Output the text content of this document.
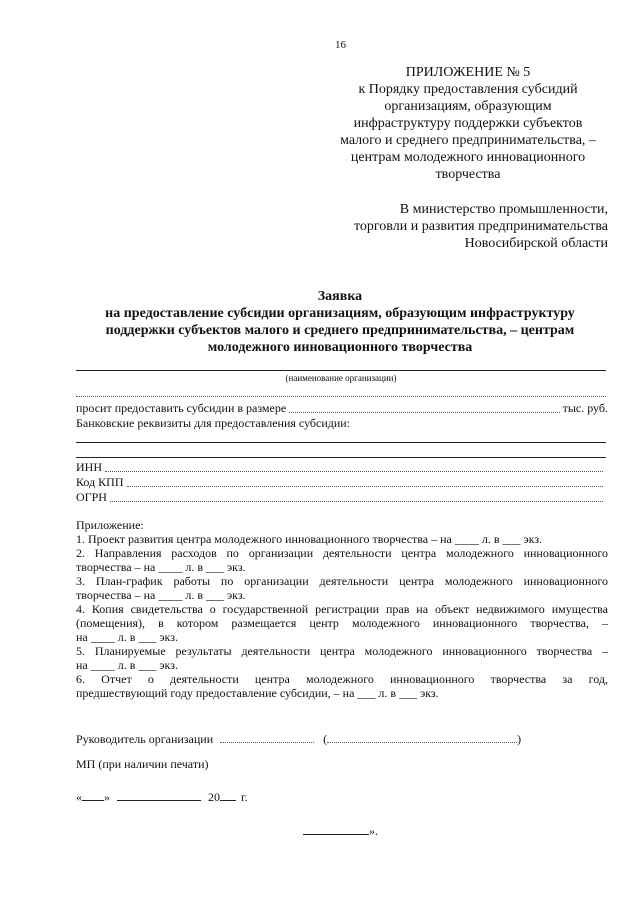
16
ПРИЛОЖЕНИЕ № 5
к Порядку предоставления субсидий
организациям, образующим
инфраструктуру поддержки субъектов
малого и среднего предпринимательства, –
центрам молодежного инновационного
творчества
В министерство промышленности,
торговли и развития предпринимательства
Новосибирской области
Заявка
на предоставление субсидии организациям, образующим инфраструктуру
поддержки субъектов малого и среднего предпринимательства, – центрам
молодежного инновационного творчества
(наименование организации)
просит предоставить субсидии в размере	тыс. руб.
Банковские реквизиты для предоставления субсидии:
ИНН
Код КПП
ОГРН
Приложение:
1. Проект развития центра молодежного инновационного творчества – на ____ л. в ___ экз.
2. Направления расходов по организации деятельности центра молодежного инновационного
творчества – на ____ л. в ___ экз.
3. План-график работы по организации деятельности центра молодежного инновационного
творчества – на ____ л. в ___ экз.
4. Копия свидетельства о государственной регистрации прав на объект недвижимого имущества
(помещения), в котором размещается центр молодежного инновационного творчества, –
на ____ л. в ___ экз.
5. Планируемые результаты деятельности центра молодежного инновационного творчества –
на ____ л. в ___ экз.
6. Отчет о деятельности центра молодежного инновационного творчества за год,
предшествующий году предоставление субсидии, – на ___ л. в ___ экз.
Руководитель организации	(	)
МП (при наличии печати)
« »	20 г.
».
